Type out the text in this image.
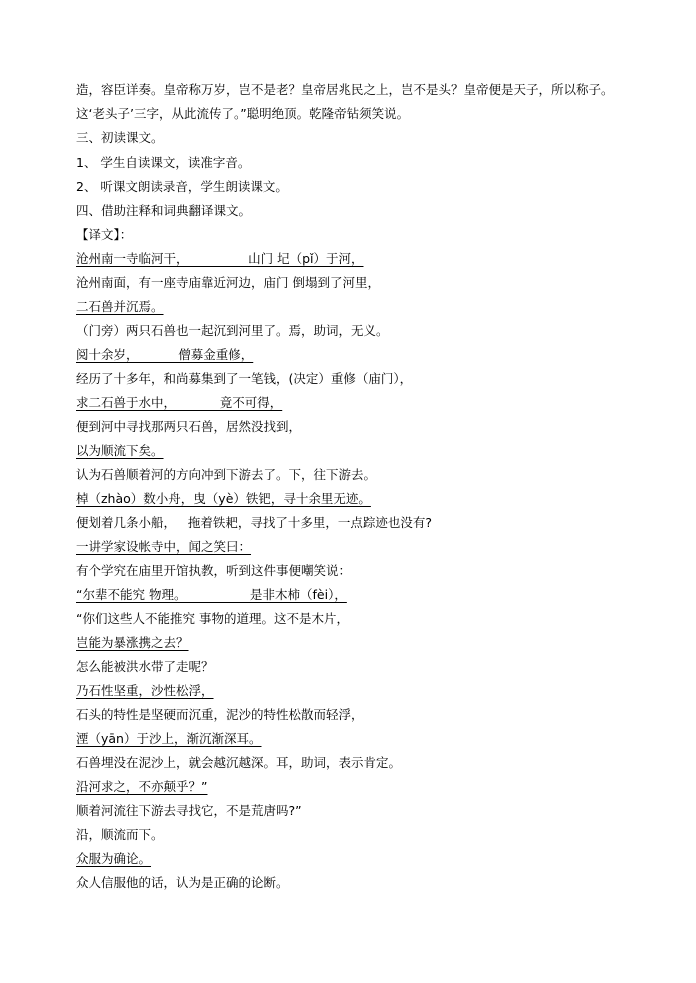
造，容臣详奏。皇帝称万岁，岂不是老？皇帝居兆民之上，岂不是头？皇帝便是天子，所以称子。
这‘老头子’三字，从此流传了。”聪明绝顶。乾隆帝钻须笑说。
三、初读课文。
1、 学生自读课文，读准字音。
2、 听课文朗读录音，学生朗读课文。
四、借助注释和词典翻译课文。
【译文】：
沧州南一寺临河干，               山门 圮（pǐ）于河，
沧州南面，有一座寺庙靠近河边，庙门 倒塌到了河里，
二石兽并沉焉。
（门旁）两只石兽也一起沉到河里了。焉，助词，无义。
阅十余岁，          僧募金重修，
经历了十多年，和尚募集到了一笔钱，(决定）重修（庙门），
求二石兽于水中，           竟不可得，
便到河中寻找那两只石兽，居然没找到，
以为顺流下矣。
认为石兽顺着河的方向冲到下游去了。下，往下游去。
棹（zhào）数小舟，曳（yè）铁钯，寻十余里无迹。
便划着几条小船，   拖着铁耙，寻找了十多里，一点踪迹也没有?
一讲学家设帐寺中，闻之笑曰：
有个学究在庙里开馆执教，听到这件事便嘲笑说：
“尔辈不能究 物理。                是非木柿（fèi），
“你们这些人不能推究 事物的道理。这不是木片，
岂能为暴涨携之去？
怎么能被洪水带了走呢？
乃石性坚重，沙性松浮，
石头的特性是坚硬而沉重，泥沙的特性松散而轻浮，
湮（yān）于沙上，渐沉渐深耳。
石兽埋没在泥沙上，就会越沉越深。耳，助词，表示肯定。
沿河求之，不亦颠乎？”
顺着河流往下游去寻找它，不是荒唐吗?”
沿，顺流而下。
众服为确论。
众人信服他的话，认为是正确的论断。
